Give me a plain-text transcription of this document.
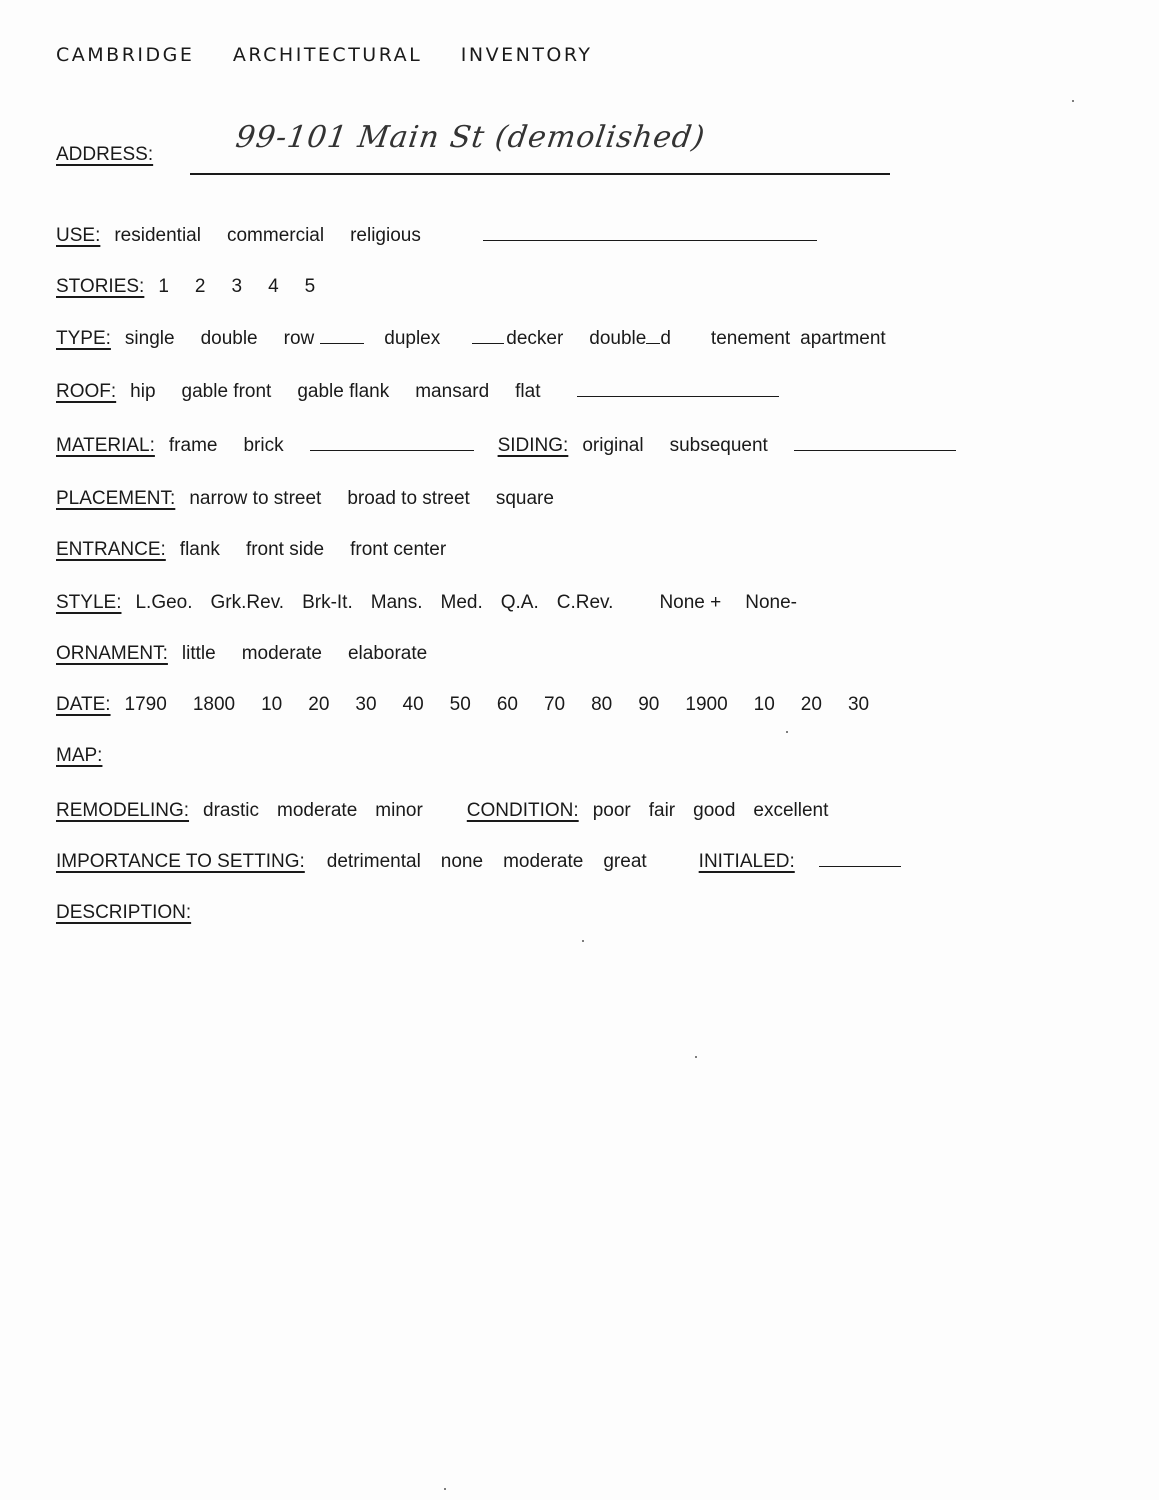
CAMBRIDGE ARCHITECTURAL INVENTORY
ADDRESS:	99-101 Main St (demolished)
USE: residential commercial religious
STORIES: 1 2 3 4 5
TYPE: single double row	duplex	decker double d tenement apartment
ROOF: hip gable front gable flank mansard flat
MATERIAL: frame brick	SIDING: original subsequent
PLACEMENT: narrow to street broad to street square
ENTRANCE: flank front side front center
STYLE: L.Geo. Grk.Rev. Brk-It. Mans. Med. Q.A. C.Rev. None + None-
ORNAMENT: little moderate elaborate
DATE: 1790 1800 10 20 30 40 50 60 70 80 90 1900 10 20 30
MAP:
REMODELING: drastic moderate minor CONDITION: poor fair good excellent
IMPORTANCE TO SETTING: detrimental none moderate great	INITIALED:
DESCRIPTION:
